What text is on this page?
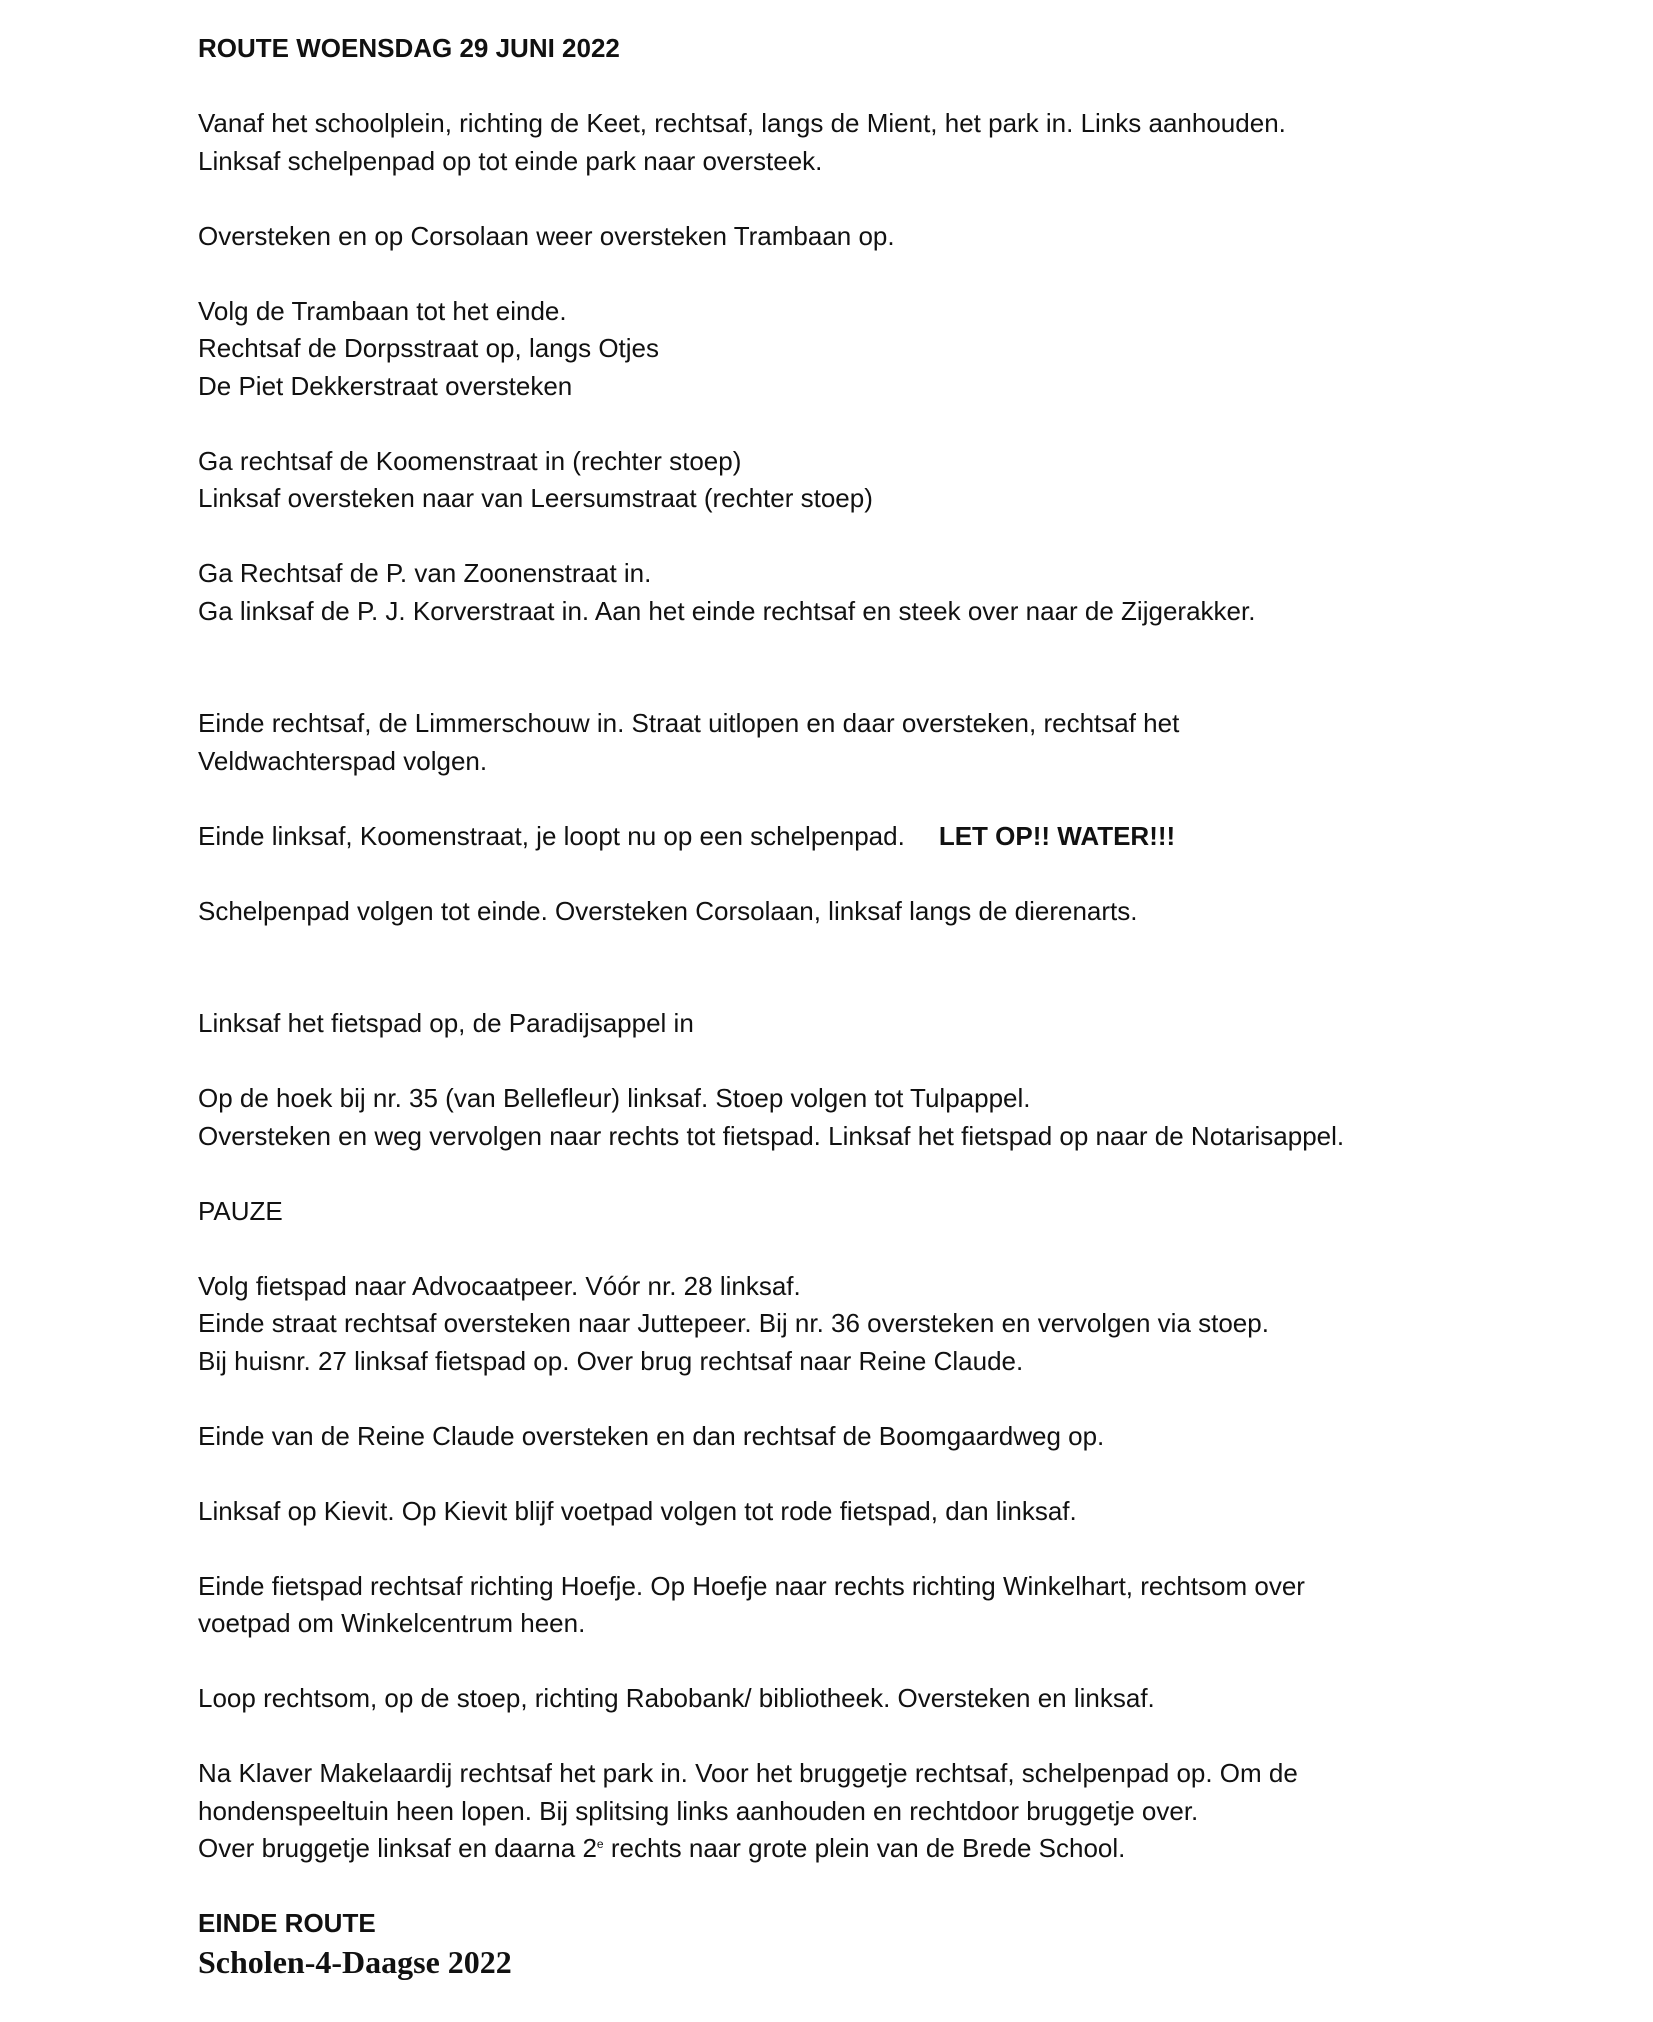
ROUTE WOENSDAG 29 JUNI 2022
Vanaf het schoolplein, richting de Keet, rechtsaf, langs de Mient, het park in. Links aanhouden.
Linksaf schelpenpad op tot einde park naar oversteek.
Oversteken en op Corsolaan weer oversteken Trambaan op.
Volg de Trambaan tot het einde.
Rechtsaf de Dorpsstraat op, langs Otjes
De Piet Dekkerstraat oversteken
Ga rechtsaf de Koomenstraat in (rechter stoep)
Linksaf oversteken naar van Leersumstraat (rechter stoep)
Ga Rechtsaf de P. van Zoonenstraat in.
Ga linksaf de P. J. Korverstraat in. Aan het einde rechtsaf en steek over naar de Zijgerakker.
Einde rechtsaf, de Limmerschouw in. Straat uitlopen en daar oversteken, rechtsaf het
Veldwachterspad volgen.
Einde linksaf, Koomenstraat, je loopt nu op een schelpenpad. LET OP!! WATER!!!
Schelpenpad volgen tot einde. Oversteken Corsolaan, linksaf langs de dierenarts.
Linksaf het fietspad op, de Paradijsappel in
Op de hoek bij nr. 35 (van Bellefleur) linksaf. Stoep volgen tot Tulpappel.
Oversteken en weg vervolgen naar rechts tot fietspad. Linksaf het fietspad op naar de Notarisappel.
PAUZE
Volg fietspad naar Advocaatpeer. Vóór nr. 28 linksaf.
Einde straat rechtsaf oversteken naar Juttepeer. Bij nr. 36 oversteken en vervolgen via stoep.
Bij huisnr. 27 linksaf fietspad op. Over brug rechtsaf naar Reine Claude.
Einde van de Reine Claude oversteken en dan rechtsaf de Boomgaardweg op.
Linksaf op Kievit. Op Kievit blijf voetpad volgen tot rode fietspad, dan linksaf.
Einde fietspad rechtsaf richting Hoefje. Op Hoefje naar rechts richting Winkelhart, rechtsom over
voetpad om Winkelcentrum heen.
Loop rechtsom, op de stoep, richting Rabobank/ bibliotheek. Oversteken en linksaf.
Na Klaver Makelaardij rechtsaf het park in. Voor het bruggetje rechtsaf, schelpenpad op. Om de
hondenspeeltuin heen lopen. Bij splitsing links aanhouden en rechtdoor bruggetje over.
Over bruggetje linksaf en daarna 2e rechts naar grote plein van de Brede School.
EINDE ROUTE
Scholen-4-Daagse 2022
